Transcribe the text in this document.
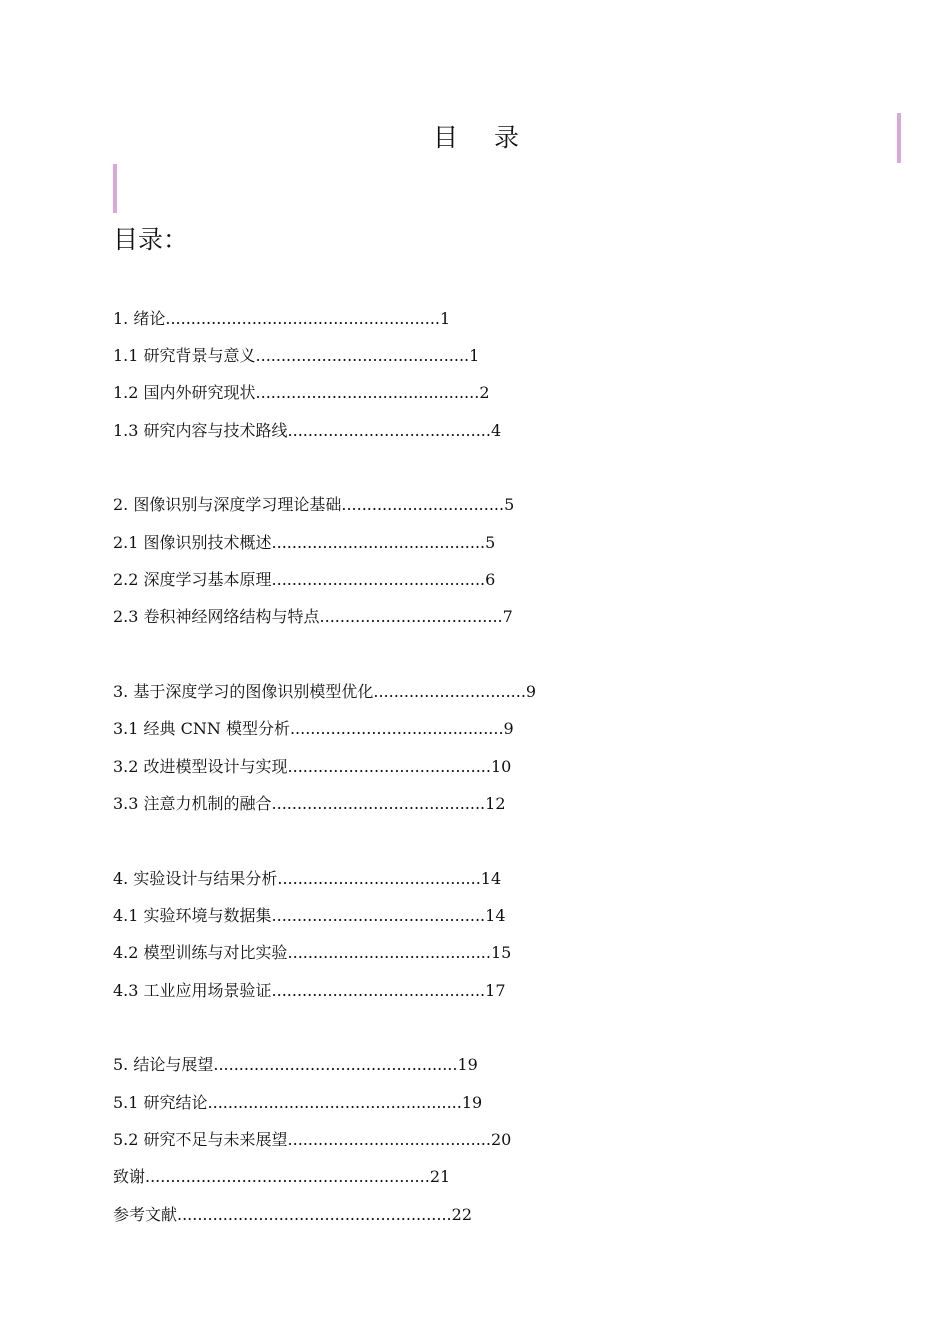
目 录
目录：
1. 绪论......................................................1
1.1 研究背景与意义..........................................1
1.2 国内外研究现状............................................2
1.3 研究内容与技术路线........................................4
2. 图像识别与深度学习理论基础................................5
2.1 图像识别技术概述..........................................5
2.2 深度学习基本原理..........................................6
2.3 卷积神经网络结构与特点....................................7
3. 基于深度学习的图像识别模型优化..............................9
3.1 经典 CNN 模型分析..........................................9
3.2 改进模型设计与实现........................................10
3.3 注意力机制的融合..........................................12
4. 实验设计与结果分析........................................14
4.1 实验环境与数据集..........................................14
4.2 模型训练与对比实验........................................15
4.3 工业应用场景验证..........................................17
5. 结论与展望................................................19
5.1 研究结论..................................................19
5.2 研究不足与未来展望........................................20
致谢........................................................21
参考文献......................................................22
